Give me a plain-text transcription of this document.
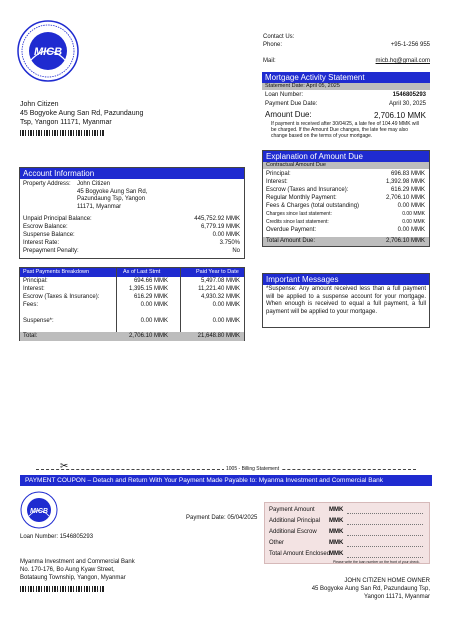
MICB
Contact Us:
Phone:	+95-1-256 955
Mail:	micb.hq@gmail.com
John Citizen
45 Bogyoke Aung San Rd, Pazundaung
Tsp, Yangon 11171, Myanmar
Mortgage Activity Statement
Statement Date: April 05, 2025
Loan Number:	1546805293
Payment Due Date:	April 30, 2025
Amount Due:	2,706.10 MMK
If payment is received after 30/04/25, a late fee of 104.49 MMK will be charged. If the Amount Due changes, the late fee may also change based on the terms of your mortgage.
Account Information
Property Address: John Citizen
45 Bogyoke Aung San Rd,
Pazundaung Tsp, Yangon
11171, Myanmar
Unpaid Principal Balance:	445,752.92 MMK
Escrow Balance:	6,779.19 MMK
Suspense Balance:	0.00 MMK
Interest Rate:	3.750%
Prepayment Penalty:	No
Explanation of Amount Due
Contractual Amount Due
Principal:	696.83 MMK
Interest:	1,392.98 MMK
Escrow (Taxes and Insurance):	616.29 MMK
Regular Monthly Payment:	2,706.10 MMK
Fees & Charges (total outstanding)	0.00 MMK
Charges since last statement:	0.00 MMK
Credits since last statement:	0.00 MMK
Overdue Payment:	0.00 MMK
Total Amount Due:	2,706.10 MMK
Past Payments Breakdown	As of Last Stmt	Paid Year to Date
Principal:	694.66 MMK	5,497.08 MMK
Interest:	1,395.15 MMK	11,221.40 MMK
Escrow (Taxes & Insurance):	616.29 MMK	4,930.32 MMK
Fees:	0.00 MMK	0.00 MMK
Suspense*:	0.00 MMK	0.00 MMK
Total:	2,706.10 MMK	21,648.80 MMK
Important Messages
*Suspense: Any amount received less than a full payment will be applied to a suspense account for your mortgage. When enough is received to equal a full payment, a full payment will be applied to your mortgage.
✂	1005 - Billing Statement
PAYMENT COUPON – Detach and Return With Your Payment Made Payable to: Myanma Investment and Commercial Bank
MICB
Payment Date: 05/04/2025
Loan Number: 1546805293
Myanma Investment and Commercial Bank
No. 170-176, Bo Aung Kyaw Street,
Botataung Township, Yangon, Myanmar
Payment Amount MMK
Additional Principal MMK
Additional Escrow MMK
Other	MMK
Total Amount Enclosed
MMK
Please write the loan number on the front of your check.
JOHN CITIZEN HOME OWNER
45 Bogyoke Aung San Rd, Pazundaung Tsp,
Yangon 11171, Myanmar
